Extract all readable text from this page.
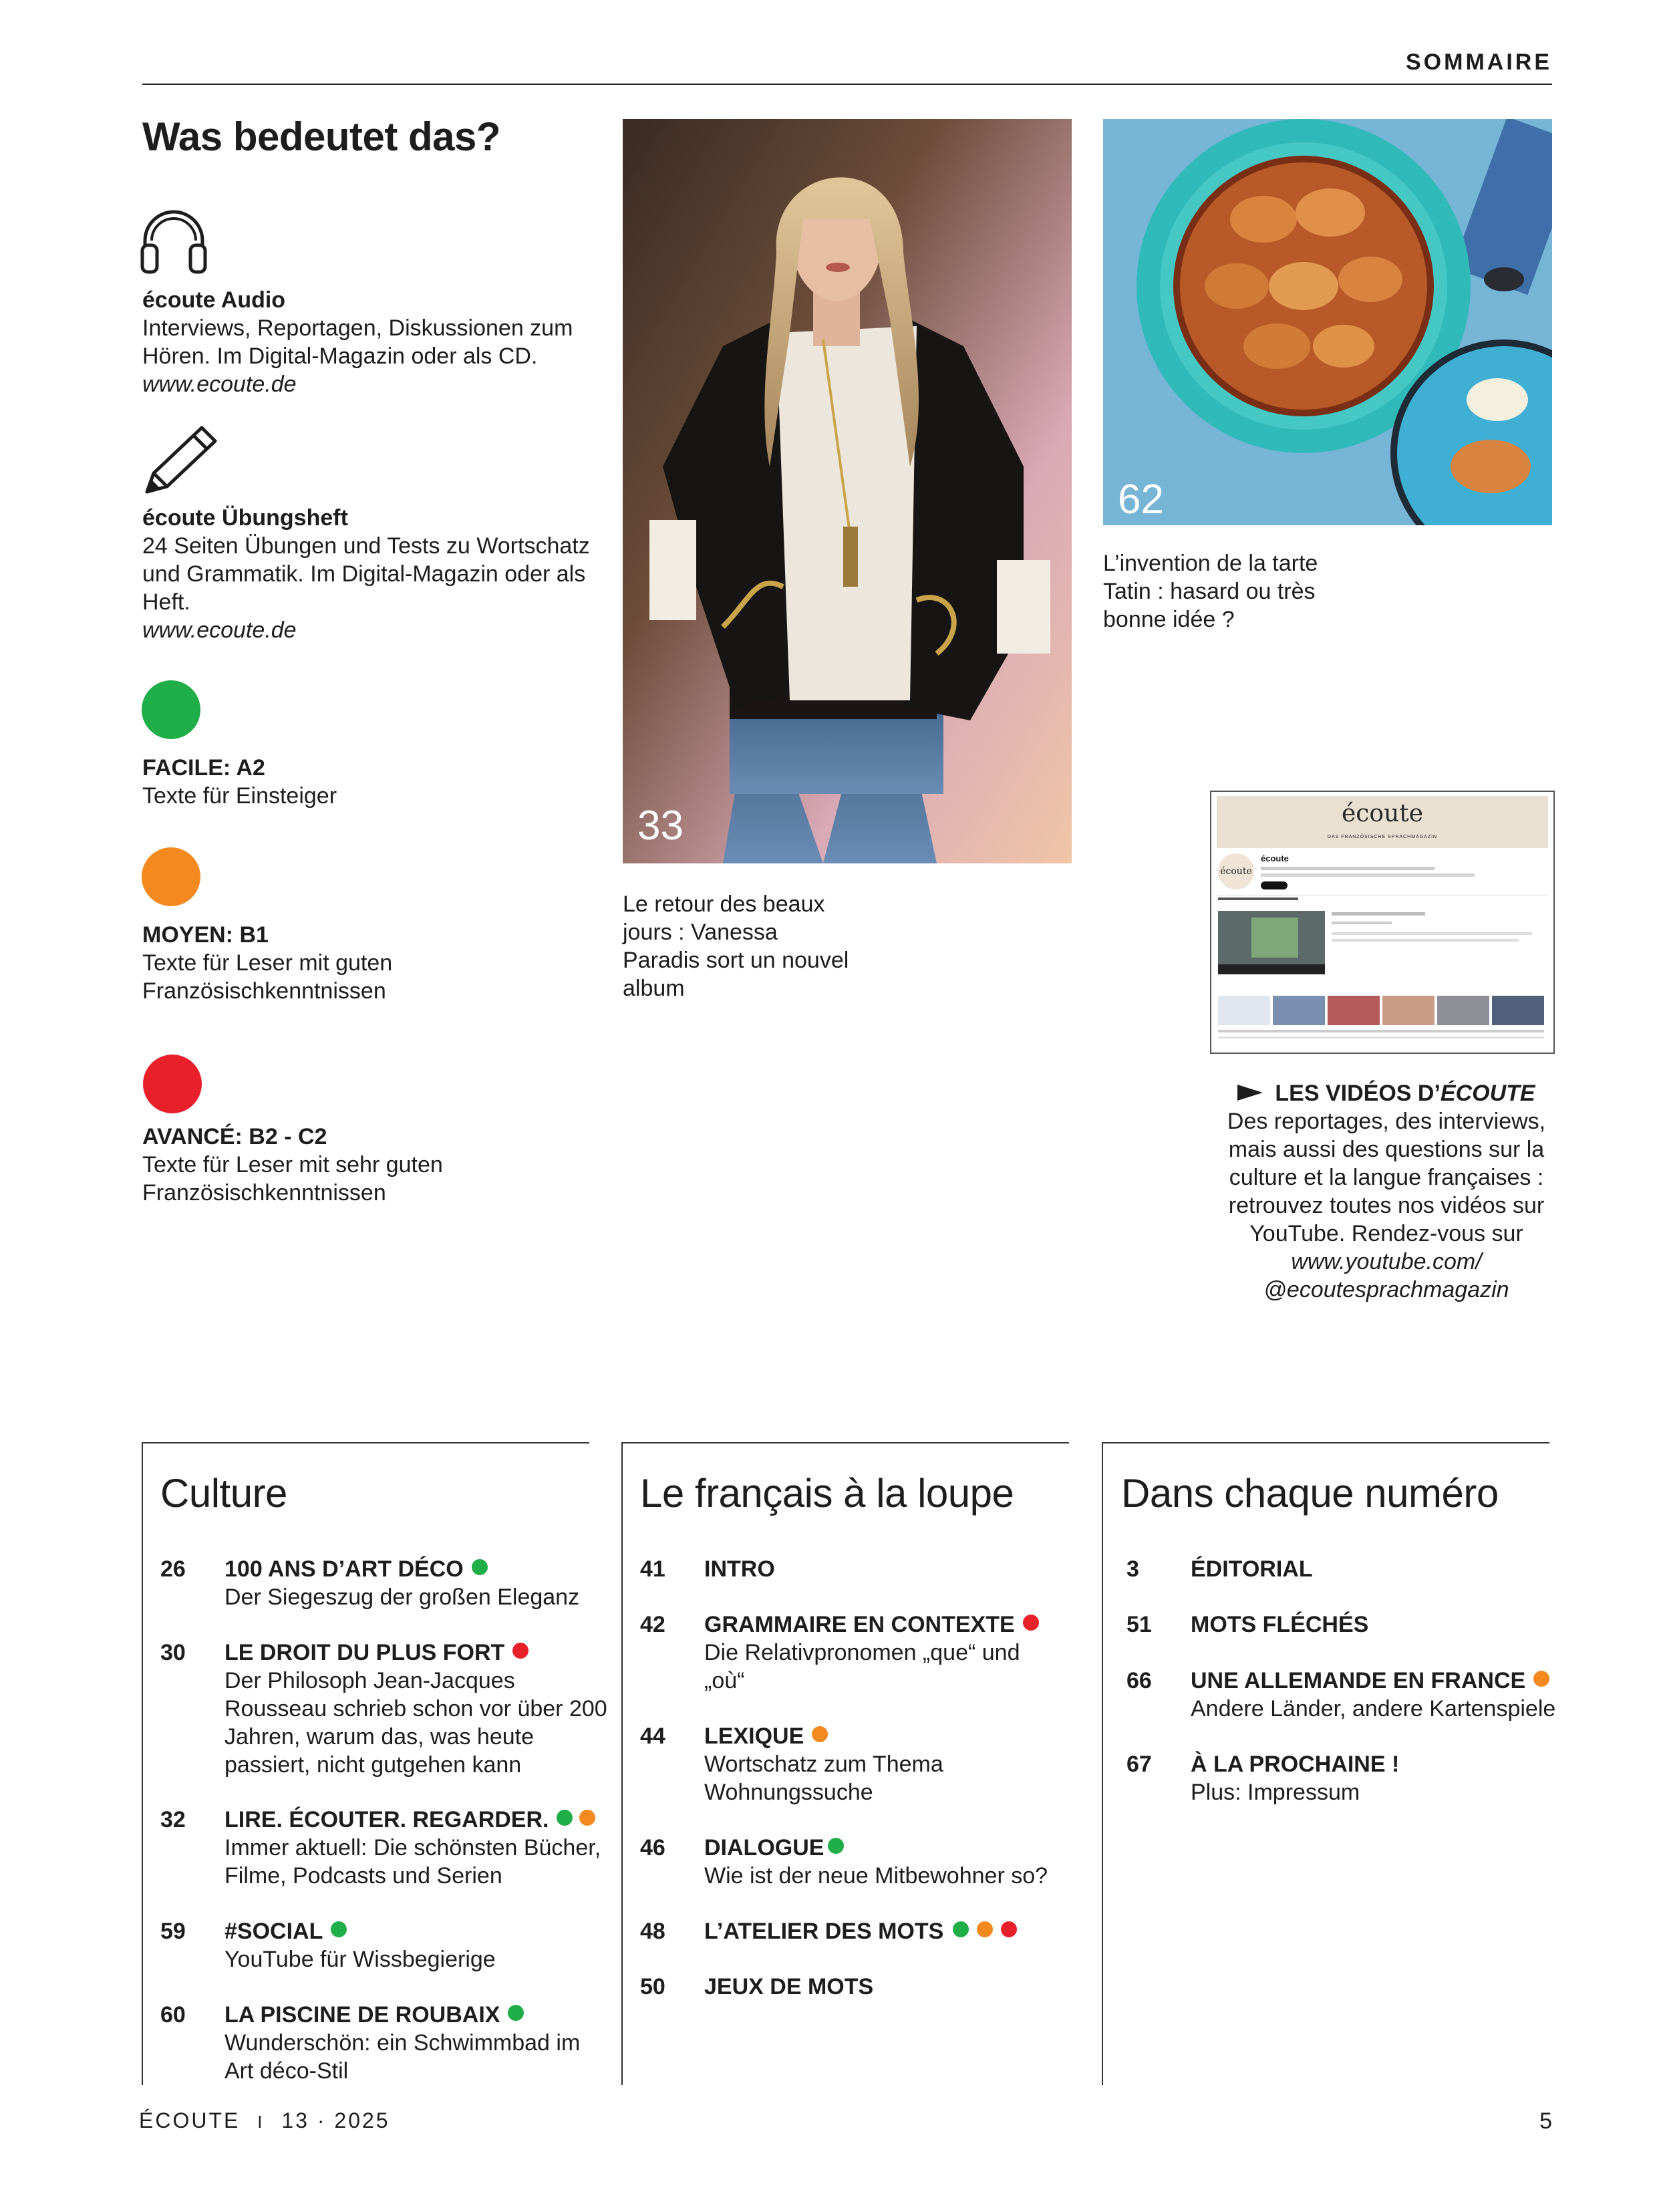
SOMMAIRE
Was bedeutet das?
écoute Audio
Interviews, Reportagen, Diskussionen zum Hören. Im Digital-Magazin oder als CD.
www.ecoute.de
écoute Übungsheft
24 Seiten Übungen und Tests zu Wortschatz und Grammatik. Im Digital-Magazin oder als Heft.
www.ecoute.de
FACILE: A2
Texte für Einsteiger
MOYEN: B1
Texte für Leser mit guten Französischkenntnissen
AVANCÉ: B2 - C2
Texte für Leser mit sehr guten Französischkenntnissen
33
Le retour des beaux jours : Vanessa Paradis sort un nouvel album
62
L’invention de la tarte Tatin : hasard ou très bonne idée ?
écoute
DAS FRANZÖSISCHE SPRACHMAGAZIN
écoute
écoute
LES VIDÉOS D’ÉCOUTE
Des reportages, des interviews, mais aussi des questions sur la culture et la langue françaises : retrouvez toutes nos vidéos sur YouTube. Rendez-vous sur
www.youtube.com/
@ecoutesprachmagazin
Culture	Le français à la loupe	Dans chaque numéro
26 100 ANS D’ART DÉCO
Der Siegeszug der großen Eleganz
30 LE DROIT DU PLUS FORT
Der Philosoph Jean-Jacques Rousseau schrieb schon vor über 200 Jahren, warum das, was heute passiert, nicht gutgehen kann
32 LIRE. ÉCOUTER. REGARDER.
Immer aktuell: Die schönsten Bücher, Filme, Podcasts und Serien
59 #SOCIAL
YouTube für Wissbegierige
60 LA PISCINE DE ROUBAIX
Wunderschön: ein Schwimmbad im Art déco-Stil
41 INTRO
42 GRAMMAIRE EN CONTEXTE
Die Relativpronomen „que“ und „où“
44 LEXIQUE
Wortschatz zum Thema Wohnungssuche
46 DIALOGUE
Wie ist der neue Mitbewohner so?
48 L’ATELIER DES MOTS
50 JEUX DE MOTS
3 ÉDITORIAL
51 MOTS FLÉCHÉS
66 UNE ALLEMANDE EN FRANCE
Andere Länder, andere Kartenspiele
67 À LA PROCHAINE !
Plus: Impressum
ÉCOUTE I 13 · 2025	5
